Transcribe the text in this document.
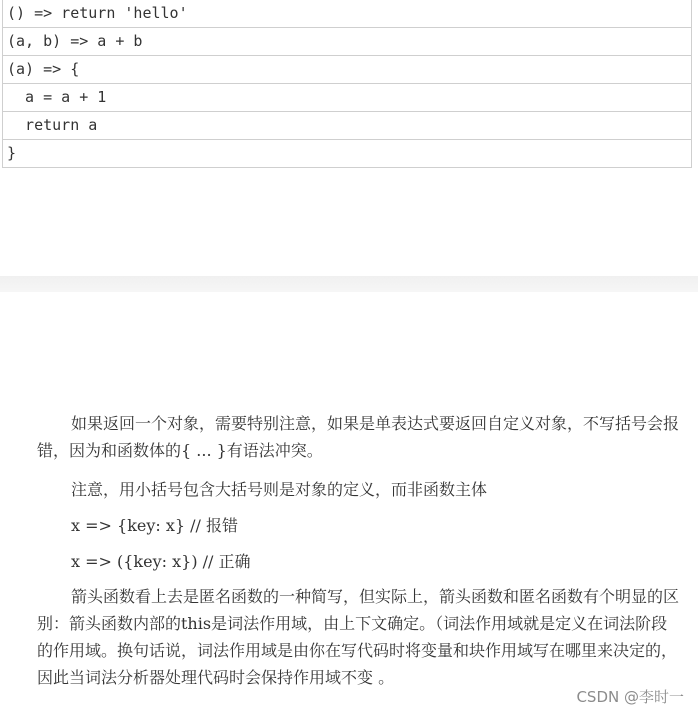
() => return 'hello'
(a, b) => a + b
(a) => {
a = a + 1
return a
}

如果返回一个对象，需要特别注意，如果是单表达式要返回自定义对象，不写括号会报错，因为和函数体的{ ... }有语法冲突。

注意，用小括号包含大括号则是对象的定义，而非函数主体

x => {key: x} // 报错

x => ({key: x}) // 正确

箭头函数看上去是匿名函数的一种简写，但实际上，箭头函数和匿名函数有个明显的区别：箭头函数内部的this是词法作用域，由上下文确定。（词法作用域就是定义在词法阶段的作用域。换句话说，词法作用域是由你在写代码时将变量和块作用域写在哪里来决定的，因此当词法分析器处理代码时会保持作用域不变 。

CSDN @李时一
